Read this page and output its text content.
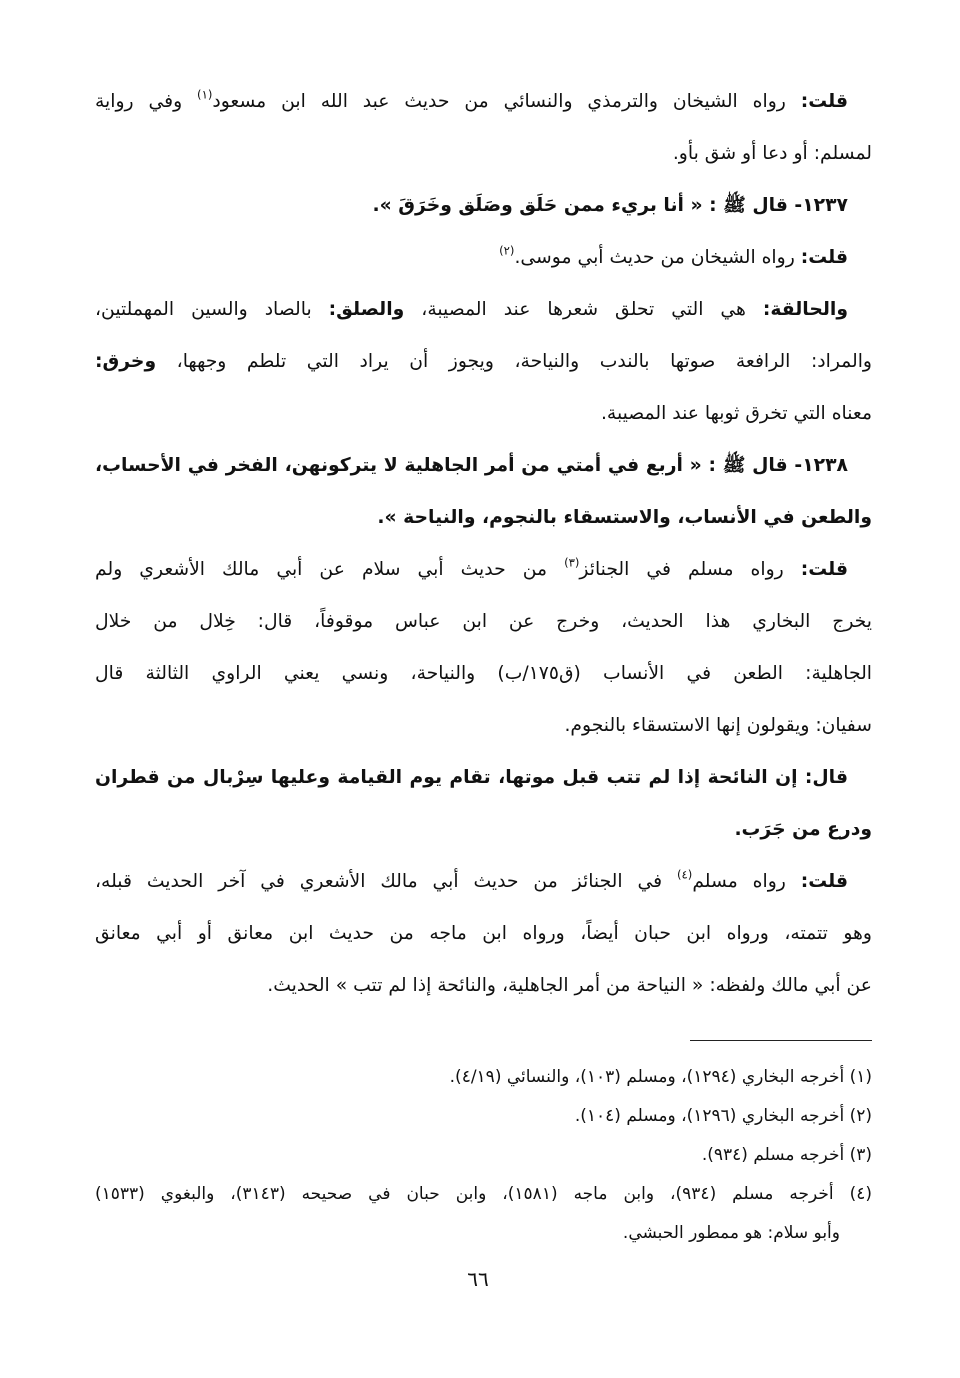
قلت: رواه الشيخان والترمذي والنسائي من حديث عبد الله ابن مسعود$^{(١)}$ وفي رواية
لمسلم: أو دعا أو شق بأو.
١٢٣٧- قال ﷺ : « أنا بريء ممن حَلَق وصَلَق وخَرَقَ ».
قلت: رواه الشيخان من حديث أبي موسى.$^{(٢)}$
والحالقة: هي التي تحلق شعرها عند المصيبة، والصلق: بالصاد والسين المهملتين،
والمراد: الرافعة صوتها بالندب والنياحة، ويجوز أن يراد التي تلطم وجهها، وخرق:
معناه التي تخرق ثوبها عند المصيبة.
١٢٣٨- قال ﷺ : « أربع في أمتي من أمر الجاهلية لا يتركونهن، الفخر في الأحساب،
والطعن في الأنساب، والاستسقاء بالنجوم، والنياحة ».
قلت: رواه مسلم في الجنائز$^{(٣)}$ من حديث أبي سلام عن أبي مالك الأشعري ولم
يخرج البخاري هذا الحديث، وخرج عن ابن عباس موقوفاً، قال: خِلال من خلال
الجاهلية: الطعن في الأنساب (ق١٧٥/ب) والنياحة، ونسي يعني الراوي الثالثة قال
سفيان: ويقولون إنها الاستسقاء بالنجوم.
قال: إن النائحة إذا لم تتب قبل موتها، تقام يوم القيامة وعليها سِرْبال من قطران
ودرع من جَرَب.
قلت: رواه مسلم$^{(٤)}$ في الجنائز من حديث أبي مالك الأشعري في آخر الحديث قبله،
وهو تتمته، ورواه ابن حبان أيضاً، ورواه ابن ماجه من حديث ابن معانق أو أبي معانق
عن أبي مالك ولفظه: « النياحة من أمر الجاهلية، والنائحة إذا لم تتب » الحديث.
(١) أخرجه البخاري (١٢٩٤)، ومسلم (١٠٣)، والنسائي (٤/١٩).
(٢) أخرجه البخاري (١٢٩٦)، ومسلم (١٠٤).
(٣) أخرجه مسلم (٩٣٤).
(٤) أخرجه مسلم (٩٣٤)، وابن ماجه (١٥٨١)، وابن حبان في صحيحه (٣١٤٣)، والبغوي (١٥٣٣)
وأبو سلام: هو ممطور الحبشي.
٦٦
